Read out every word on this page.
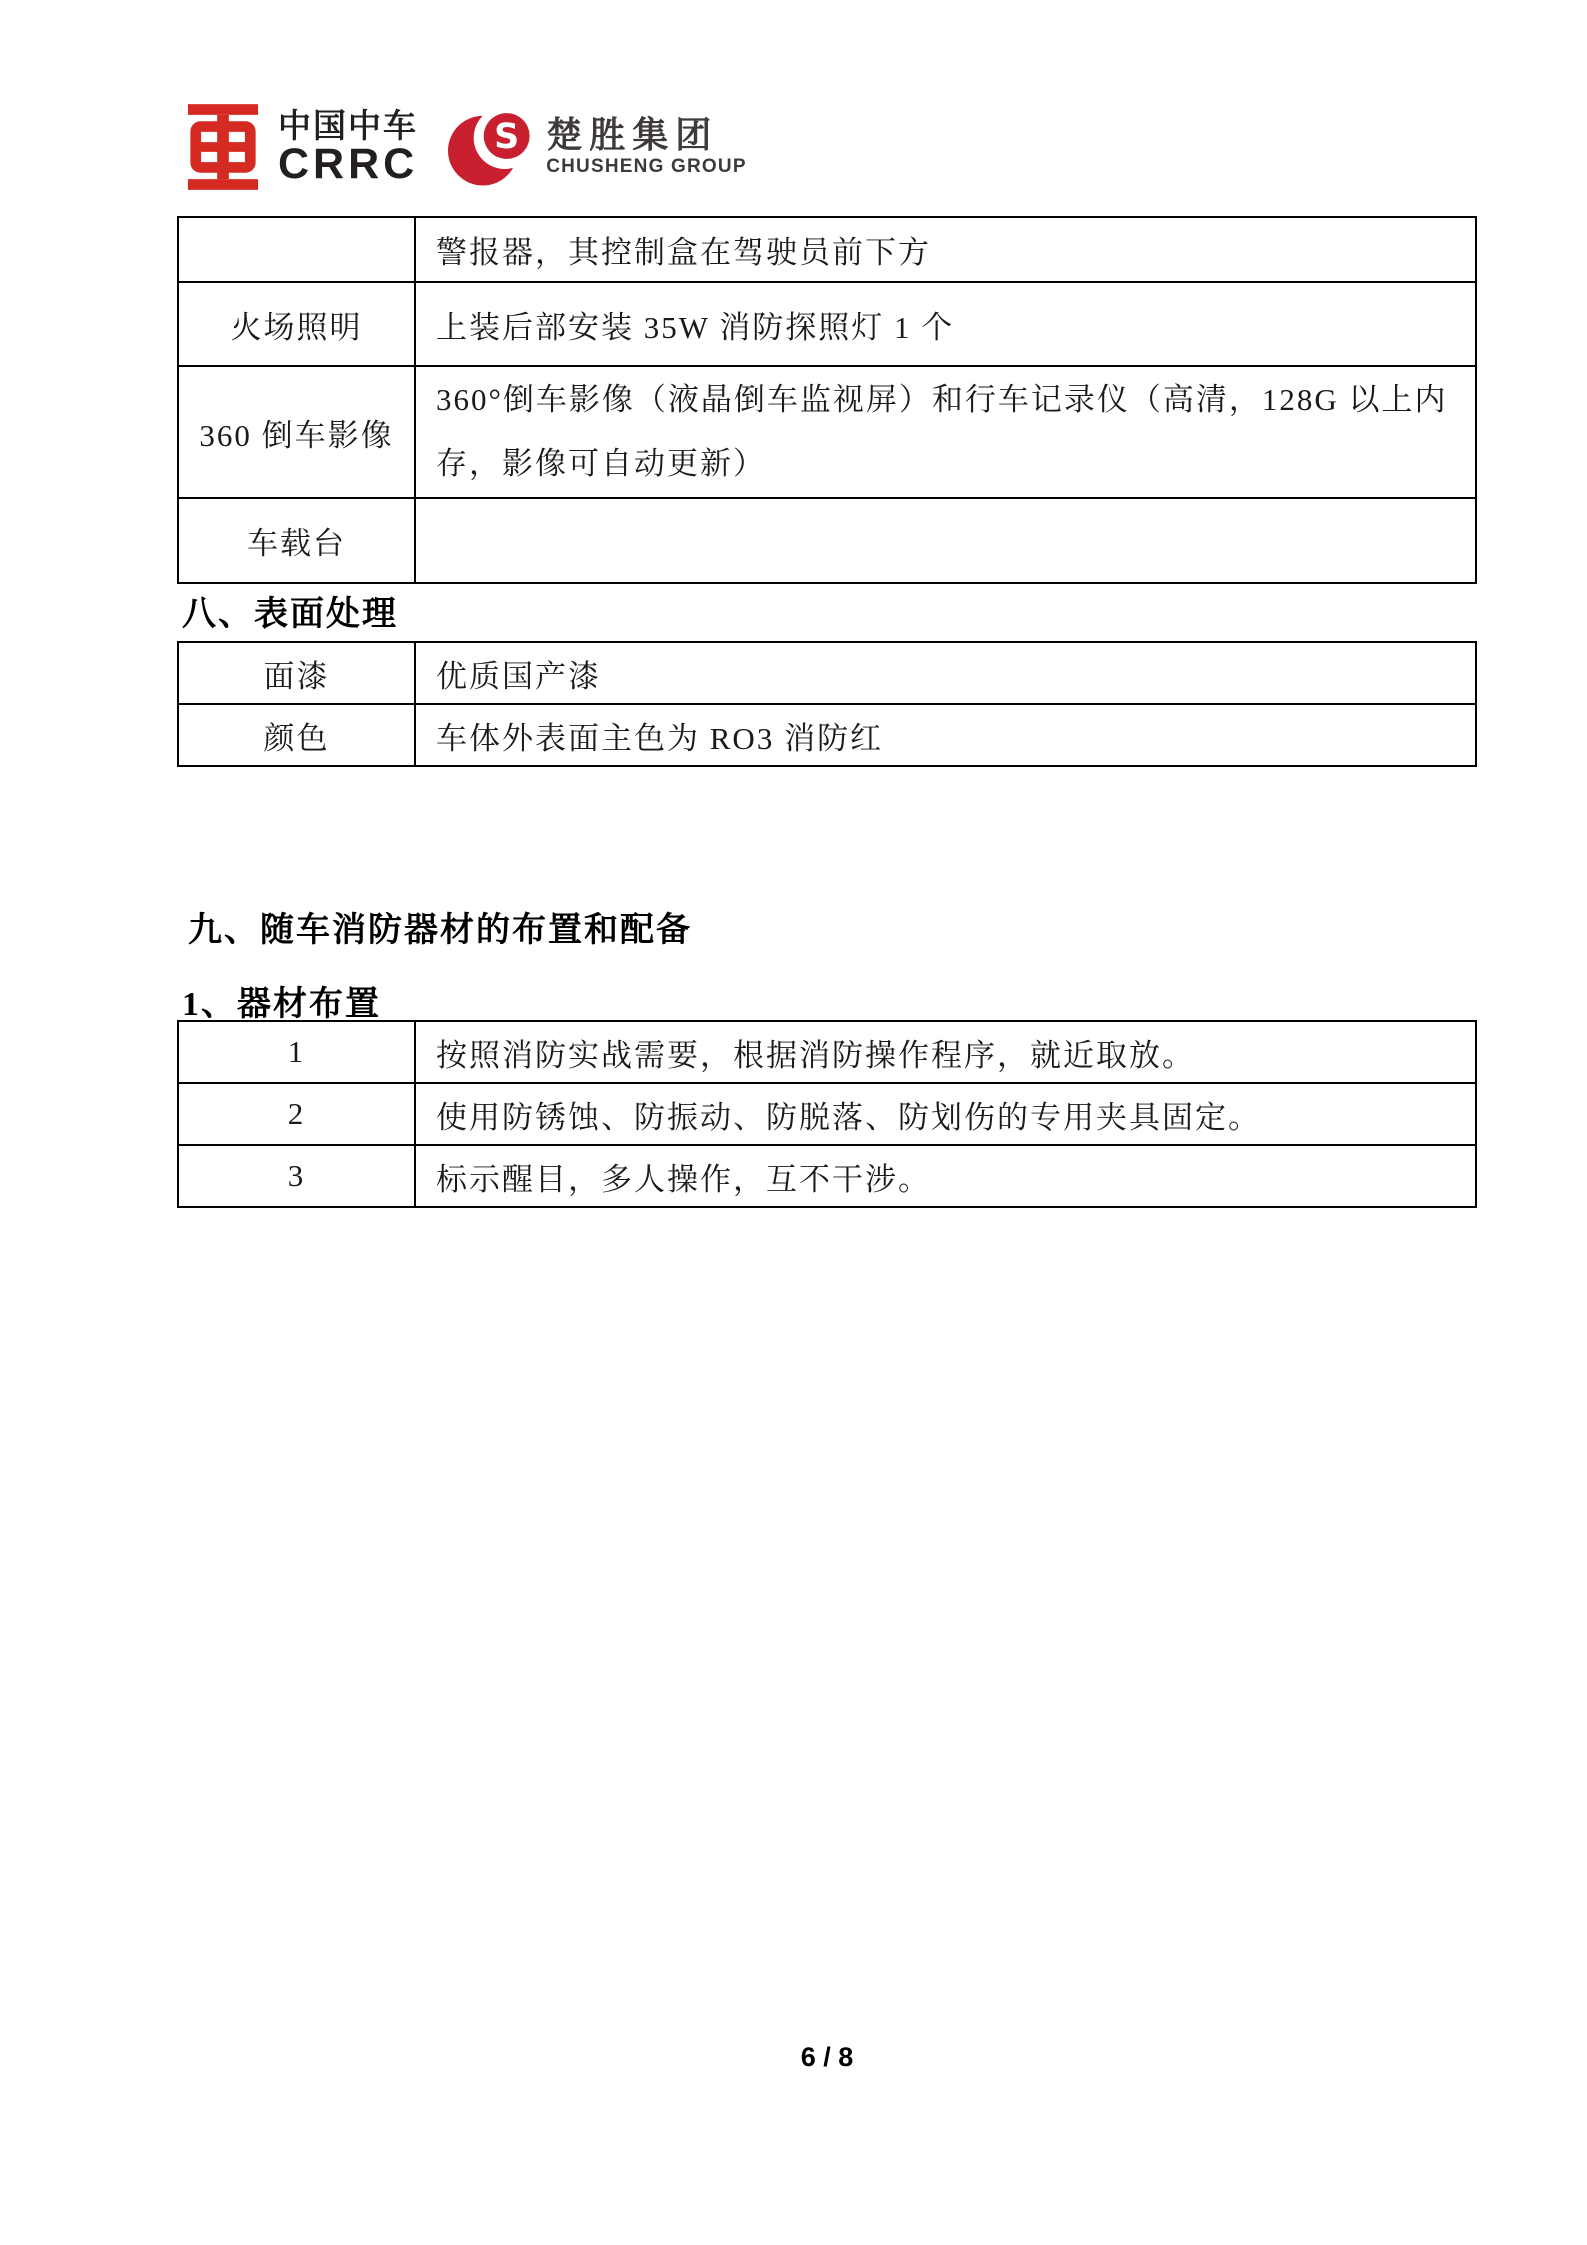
中国中车
CRRC
S 楚胜集团
CHUSHENG GROUP
	警报器，其控制盒在驾驶员前下方
火场照明	上装后部安装 35W 消防探照灯 1 个
360 倒车影像	360°倒车影像（液晶倒车监视屏）和行车记录仪（高清，128G 以上内存，影像可自动更新）
车载台	
八、表面处理
面漆	优质国产漆
颜色	车体外表面主色为 RO3 消防红
九、随车消防器材的布置和配备
1、器材布置
1	按照消防实战需要，根据消防操作程序，就近取放。
2	使用防锈蚀、防振动、防脱落、防划伤的专用夹具固定。
3	标示醒目，多人操作，互不干涉。
6 / 8
